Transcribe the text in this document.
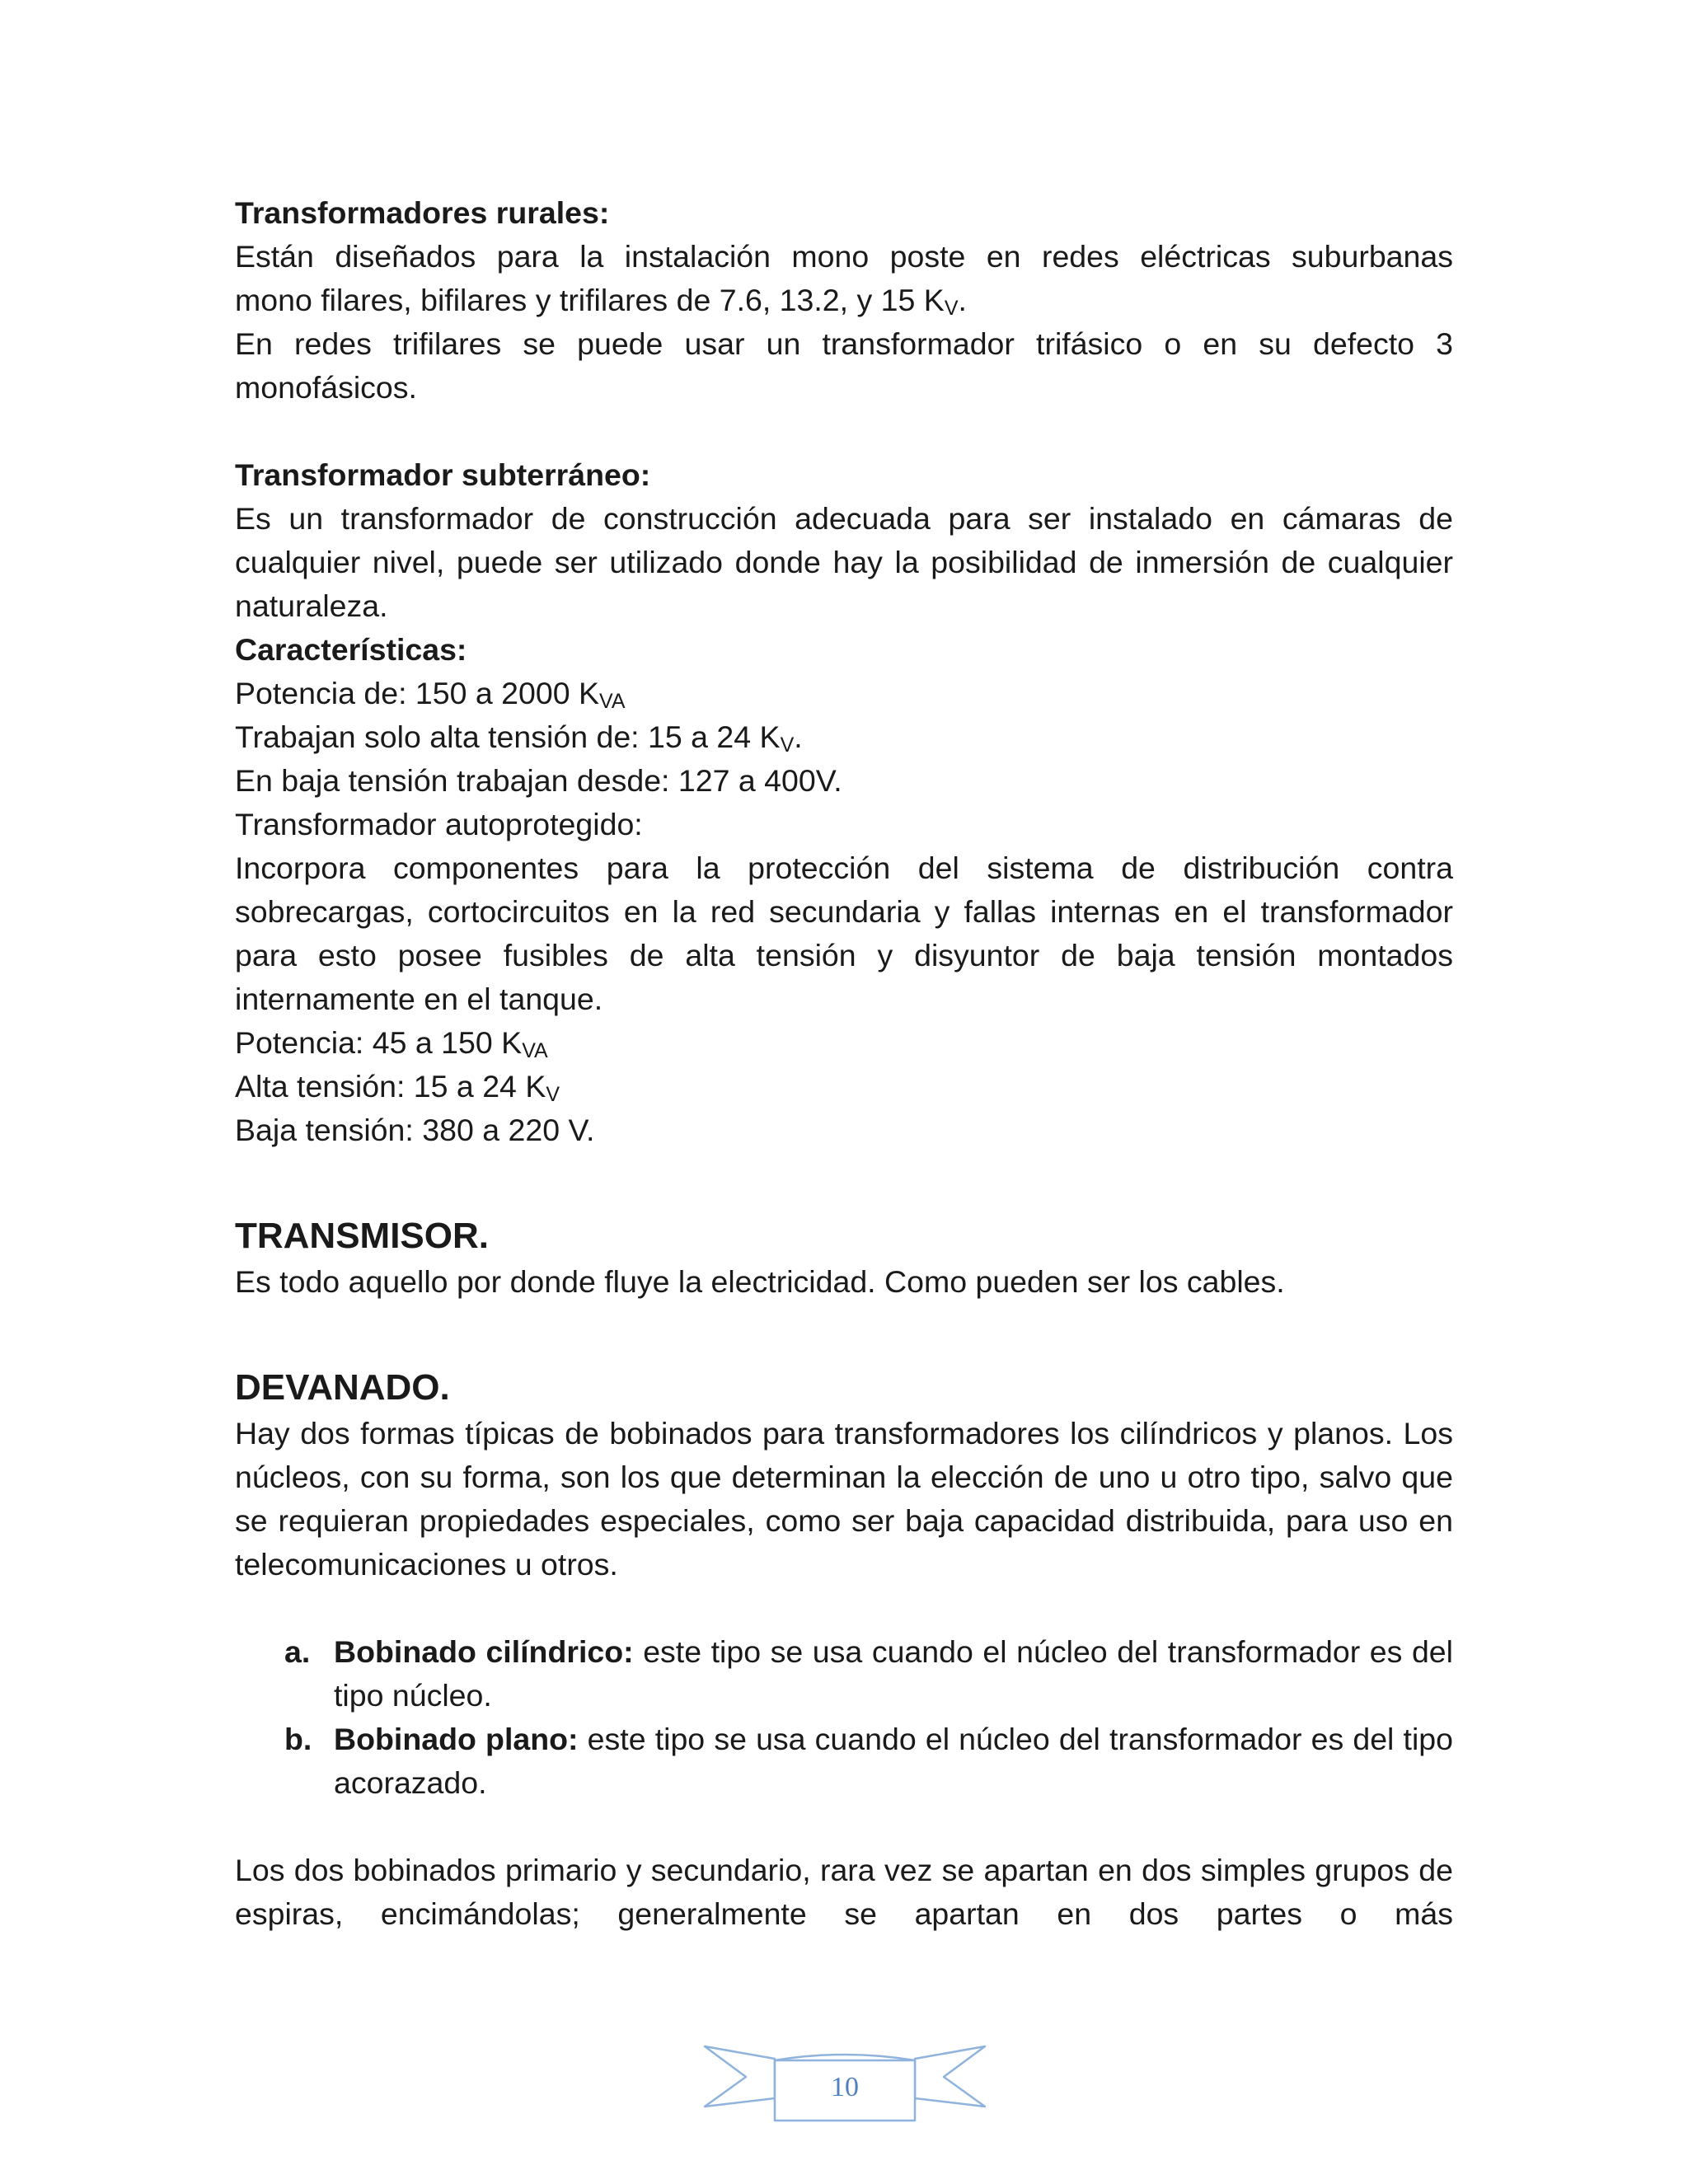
Transformadores rurales:

Están diseñados para la instalación mono poste en redes eléctricas suburbanas

mono filares, bifilares y trifilares de 7.6, 13.2, y 15 $K_V$.

En redes trifilares se puede usar un transformador trifásico o en su defecto 3 monofásicos.

Transformador subterráneo:

Es un transformador de construcción adecuada para ser instalado en cámaras de cualquier nivel, puede ser utilizado donde hay la posibilidad de inmersión de cualquier naturaleza.

Características:

Potencia de: 150 a 2000 $K_{VA}$

Trabajan solo alta tensión de: 15 a 24 $K_V$.

En baja tensión trabajan desde: 127 a 400V.

Transformador autoprotegido:

Incorpora componentes para la protección del sistema de distribución contra sobrecargas, cortocircuitos en la red secundaria y fallas internas en el transformador para esto posee fusibles de alta tensión y disyuntor de baja tensión montados internamente en el tanque.

Potencia: 45 a 150 $K_{VA}$

Alta tensión: 15 a 24 $K_V$

Baja tensión: 380 a 220 V.

TRANSMISOR.

Es todo aquello por donde fluye la electricidad. Como pueden ser los cables.

DEVANADO.

Hay dos formas típicas de bobinados para transformadores los cilíndricos y planos. Los núcleos, con su forma, son los que determinan la elección de uno u otro tipo, salvo que se requieran propiedades especiales, como ser baja capacidad distribuida, para uso en telecomunicaciones u otros.

a. Bobinado cilíndrico: este tipo se usa cuando el núcleo del transformador es del tipo núcleo.
b. Bobinado plano: este tipo se usa cuando el núcleo del transformador es del tipo acorazado.

Los dos bobinados primario y secundario, rara vez se apartan en dos simples grupos de espiras, encimándolas; generalmente se apartan en dos partes o más

10
